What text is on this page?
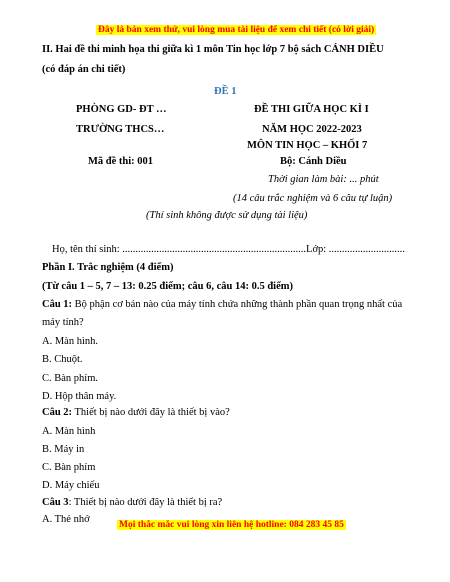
Đây là bản xem thử, vui lòng mua tài liệu để xem chi tiết (có lời giải)
II. Hai đề thi minh họa thi giữa kì 1 môn Tin học lớp 7 bộ sách CÁNH DIỀU
(có đáp án chi tiết)
ĐỀ 1
PHÒNG GD- ĐT …
TRƯỜNG THCS…
Mã đề thi: 001
ĐỀ THI GIỮA HỌC KÌ I
NĂM HỌC 2022-2023
MÔN TIN HỌC – KHỐI 7
Bộ: Cánh Diều
Thời gian làm bài: ... phút
(14 câu trắc nghiệm và 6 câu tự luận)
(Thí sinh không được sử dụng tài liệu)
Họ, tên thí sinh: ......................................................................Lớp: .............................
Phần I. Trắc nghiệm (4 điểm)
(Từ câu 1 – 5, 7 – 13: 0.25 điểm; câu 6, câu 14: 0.5 điểm)
Câu 1: Bộ phận cơ bản nào của máy tính chứa những thành phần quan trọng nhất của
máy tính?
A. Màn hình.
B. Chuột.
C. Bàn phím.
D. Hộp thân máy.
Câu 2: Thiết bị nào dưới đây là thiết bị vào?
A. Màn hình
B. Máy in
C. Bàn phím
D. Máy chiếu
Câu 3: Thiết bị nào dưới đây là thiết bị ra?
A. Thẻ nhớ	Mọi thắc mắc vui lòng xin liên hệ hotline: 084 283 45 85
